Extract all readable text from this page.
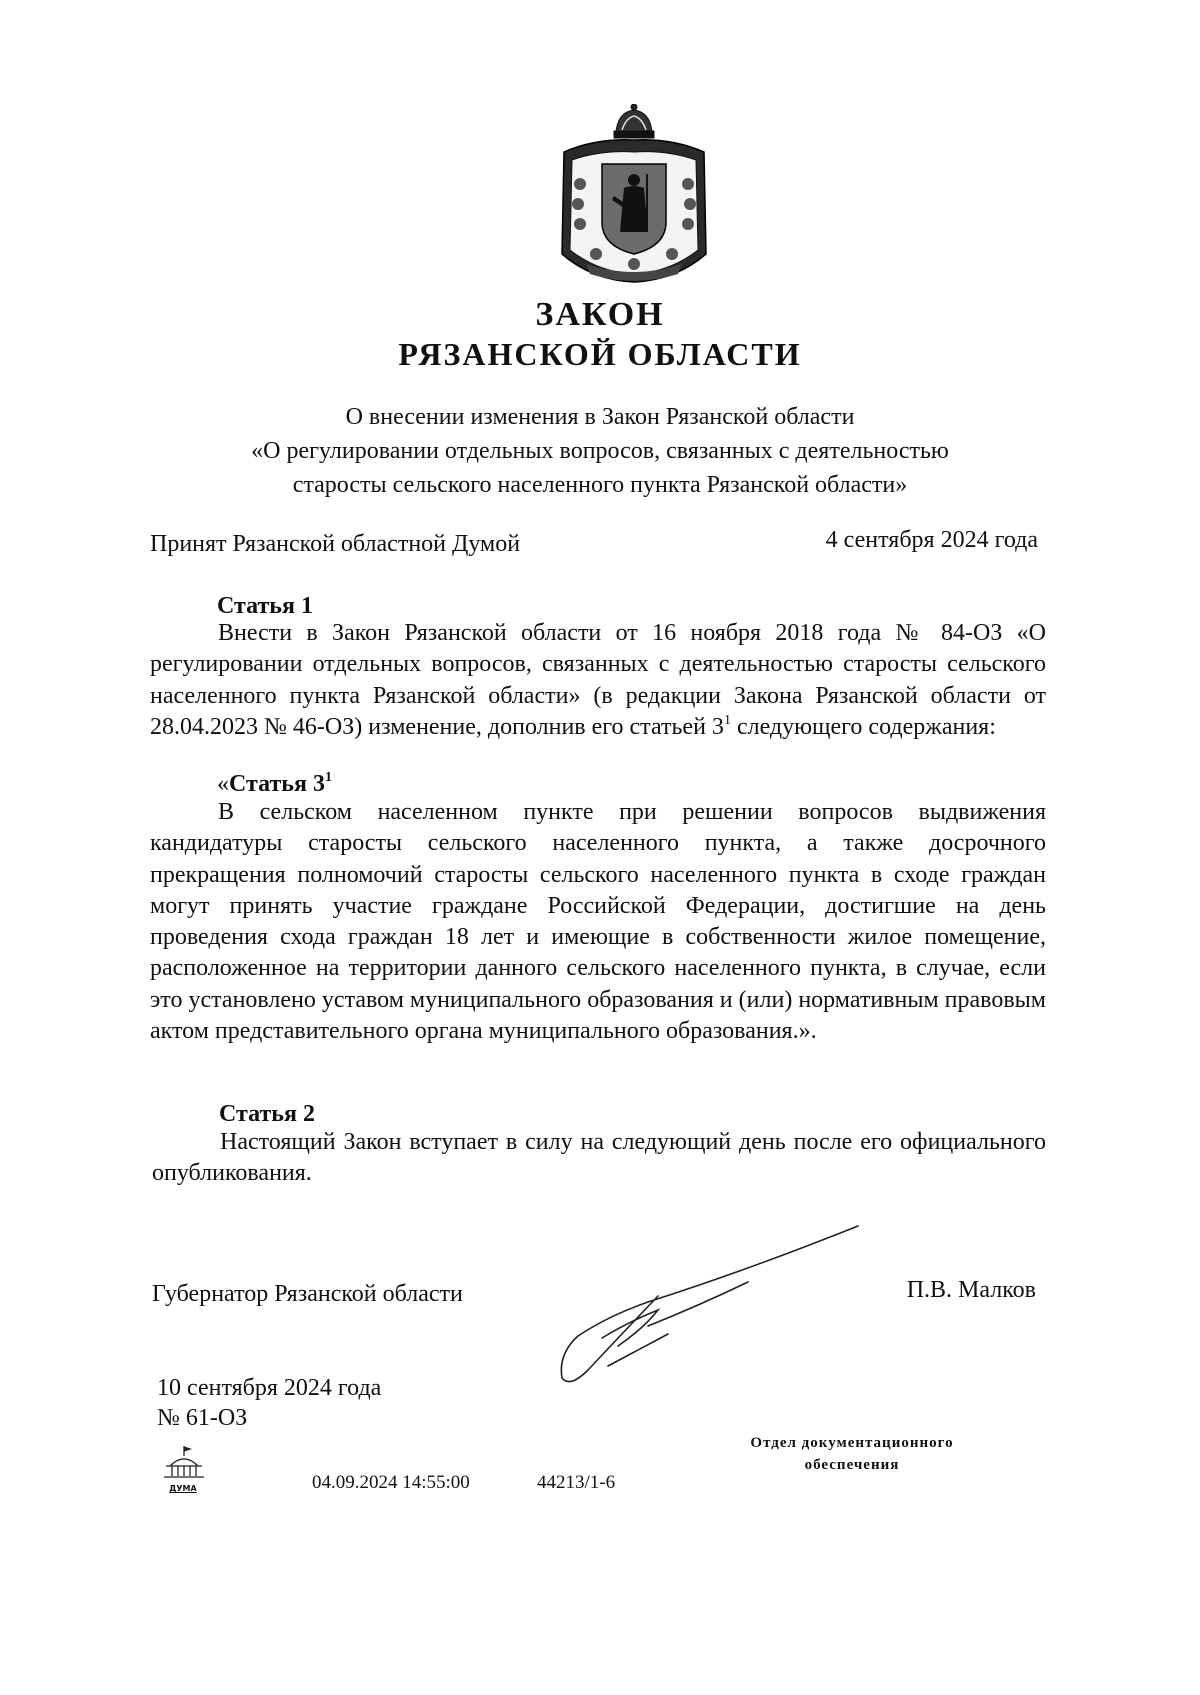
ЗАКОН
РЯЗАНСКОЙ ОБЛАСТИ
О внесении изменения в Закон Рязанской области
«О регулировании отдельных вопросов, связанных с деятельностью
старосты сельского населенного пункта Рязанской области»
Принят Рязанской областной Думой	4 сентября 2024 года
Статья 1
Внести в Закон Рязанской области от 16 ноября 2018 года № 84-ОЗ «О регулировании отдельных вопросов, связанных с деятельностью старосты сельского населенного пункта Рязанской области» (в редакции Закона Рязанской области от 28.04.2023 № 46-ОЗ) изменение, дополнив его статьей $3^1$ следующего содержания:
«Статья $3^1$
В сельском населенном пункте при решении вопросов выдвижения кандидатуры старосты сельского населенного пункта, а также досрочного прекращения полномочий старосты сельского населенного пункта в сходе граждан могут принять участие граждане Российской Федерации, достигшие на день проведения схода граждан 18 лет и имеющие в собственности жилое помещение, расположенное на территории данного сельского населенного пункта, в случае, если это установлено уставом муниципального образования и (или) нормативным правовым актом представительного органа муниципального образования.».
Статья 2
Настоящий Закон вступает в силу на следующий день после его официального опубликования.
Губернатор Рязанской области	П.В. Малков
10 сентября 2024 года
№ 61-ОЗ
ДУМА	04.09.2024 14:55:00	44213/1-6
Отдел документационного
обеспечения
